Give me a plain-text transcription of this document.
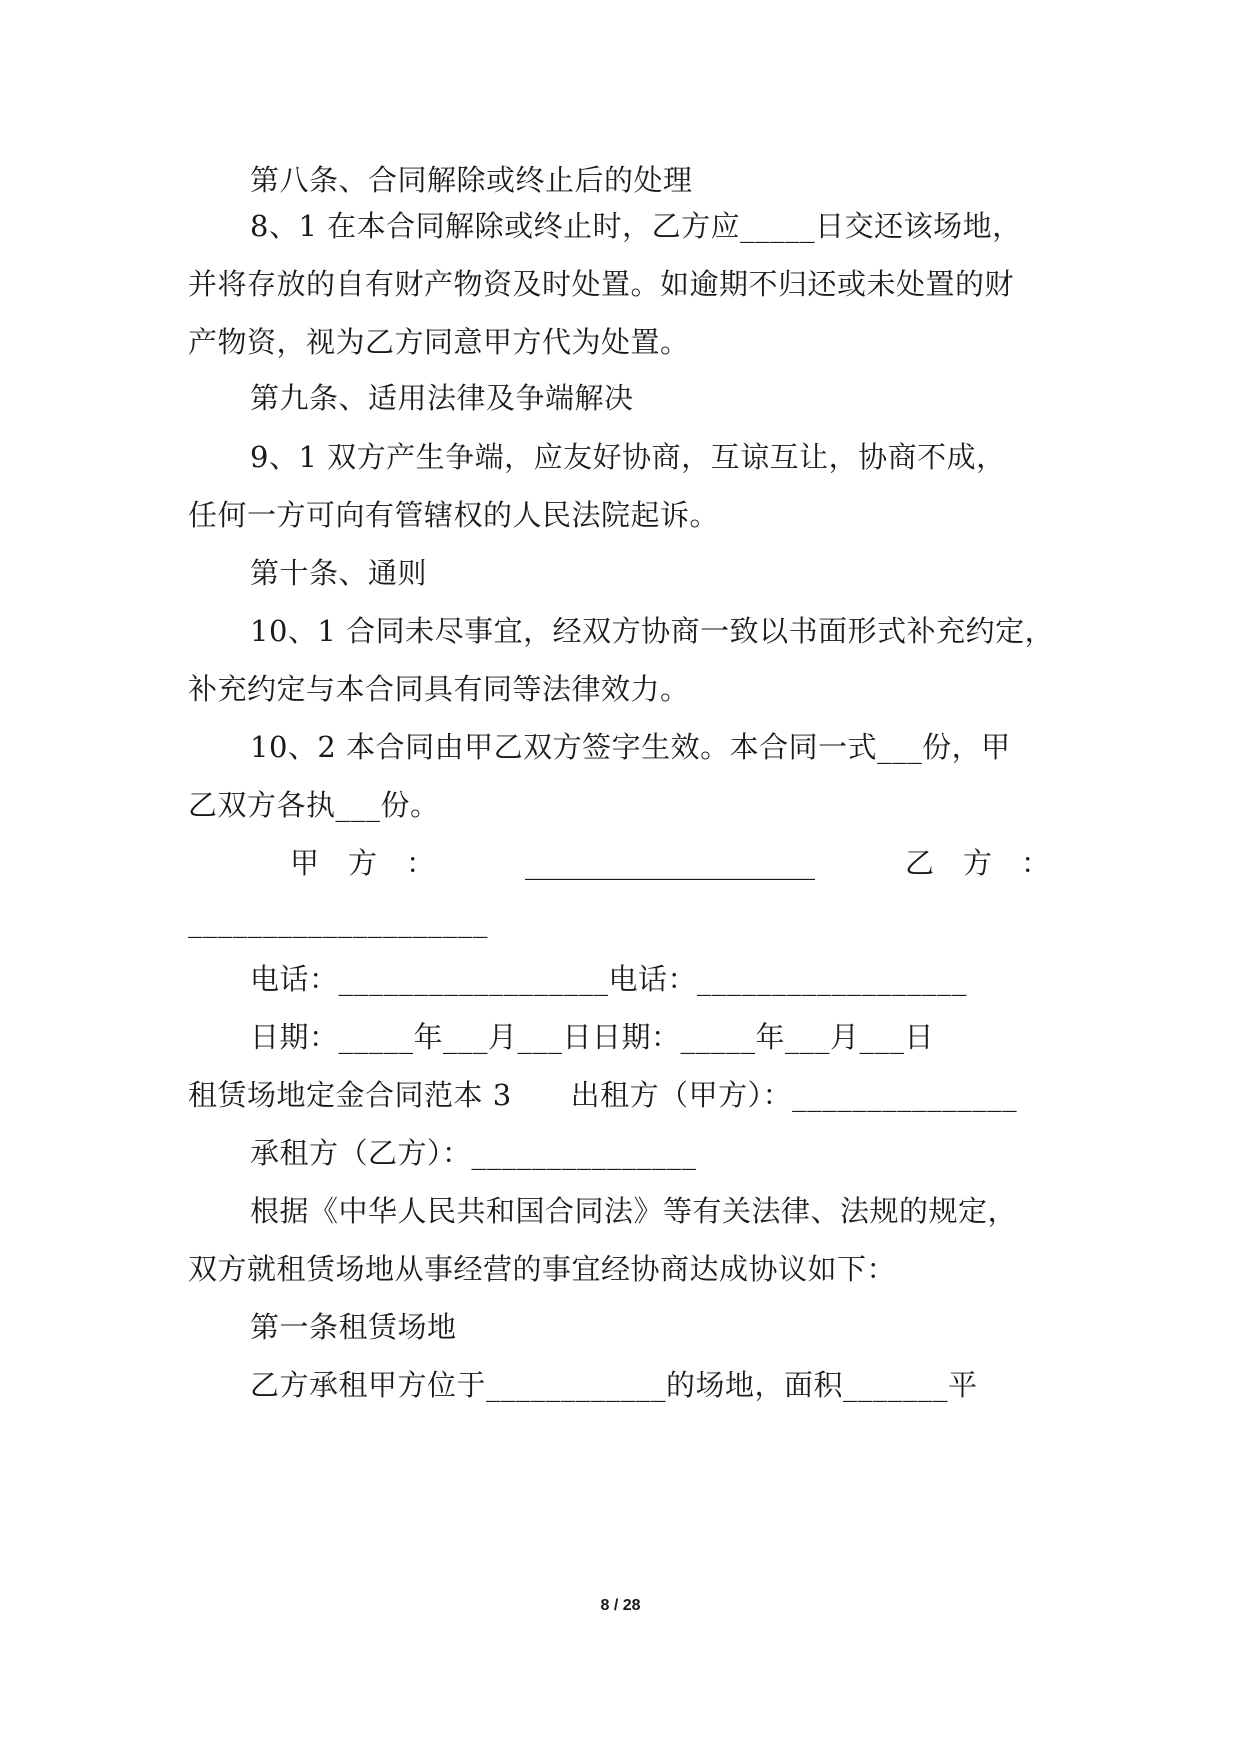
第八条、合同解除或终止后的处理
8、1 在本合同解除或终止时，乙方应_____日交还该场地，
并将存放的自有财产物资及时处置。如逾期不归还或未处置的财
产物资，视为乙方同意甲方代为处置。
第九条、适用法律及争端解决
9、1 双方产生争端，应友好协商，互谅互让，协商不成，
任何一方可向有管辖权的人民法院起诉。
第十条、通则
10、1 合同未尽事宜，经双方协商一致以书面形式补充约定，
补充约定与本合同具有同等法律效力。
10、2 本合同由甲乙双方签字生效。本合同一式___份，甲
乙双方各执___份。
甲　方　：	____________________	乙　方　：
____________________
电话：__________________电话：__________________
日期：_____年___月___日日期：_____年___月___日
租赁场地定金合同范本 3　　出租方（甲方）：_______________
承租方（乙方）：_______________
根据《中华人民共和国合同法》等有关法律、法规的规定，
双方就租赁场地从事经营的事宜经协商达成协议如下：
第一条租赁场地
乙方承租甲方位于____________的场地，面积_______平
8 / 28
